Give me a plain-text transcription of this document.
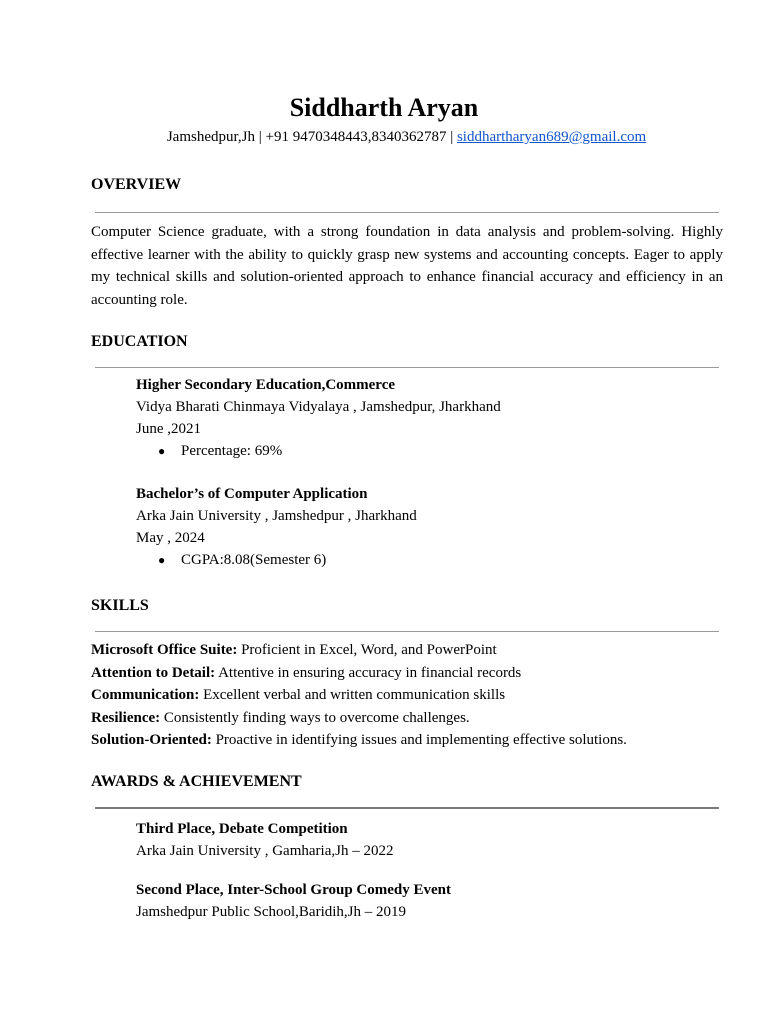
Siddharth Aryan
Jamshedpur,Jh | +91 9470348443,8340362787 | siddhartharyan689@gmail.com
OVERVIEW
Computer Science graduate, with a strong foundation in data analysis and problem-solving. Highly effective learner with the ability to quickly grasp new systems and accounting concepts. Eager to apply my technical skills and solution-oriented approach to enhance financial accuracy and efficiency in an accounting role.
EDUCATION
Higher Secondary Education,Commerce
Vidya Bharati Chinmaya Vidyalaya , Jamshedpur, Jharkhand
June ,2021
● Percentage: 69%
Bachelor’s of Computer Application
Arka Jain University , Jamshedpur , Jharkhand
May , 2024
● CGPA:8.08(Semester 6)
SKILLS
Microsoft Office Suite: Proficient in Excel, Word, and PowerPoint
Attention to Detail: Attentive in ensuring accuracy in financial records
Communication: Excellent verbal and written communication skills
Resilience: Consistently finding ways to overcome challenges.
Solution-Oriented: Proactive in identifying issues and implementing effective solutions.
AWARDS & ACHIEVEMENT
Third Place, Debate Competition
Arka Jain University , Gamharia,Jh – 2022
Second Place, Inter-School Group Comedy Event
Jamshedpur Public School,Baridih,Jh – 2019
